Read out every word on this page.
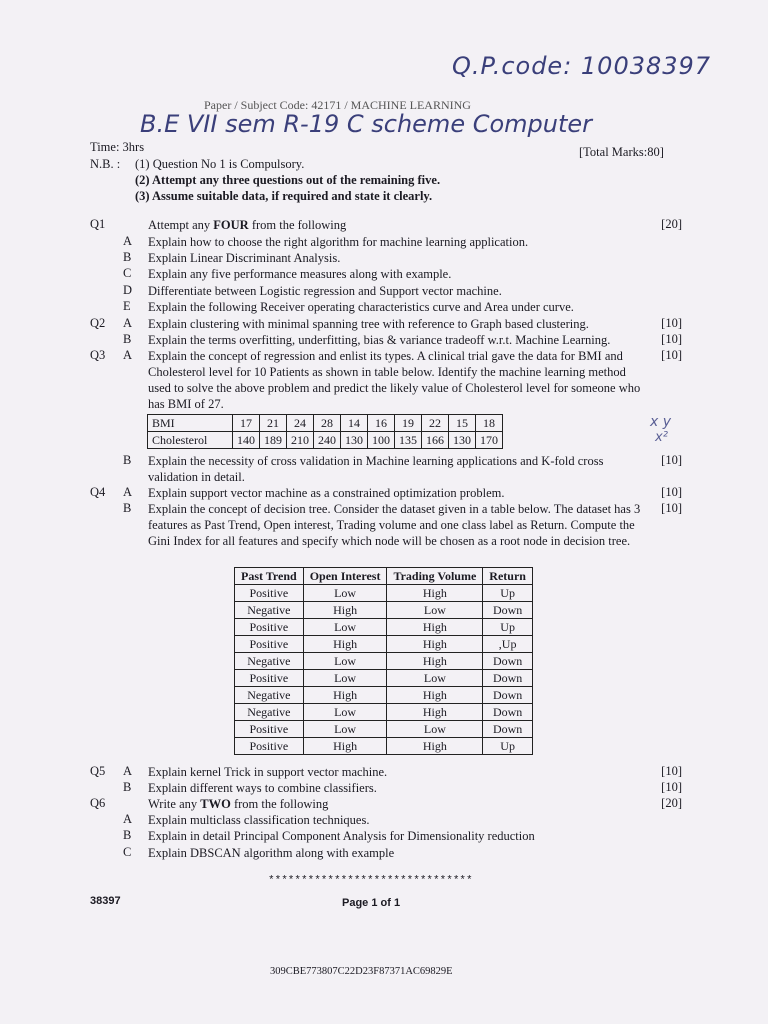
Q.P.code: 10038397
B.E VII sem R-19 C scheme Computer
Paper / Subject Code: 42171 / MACHINE LEARNING
Time: 3hrs	[Total Marks:80]
N.B. : (1) Question No 1 is Compulsory.
(2) Attempt any three questions out of the remaining five.
(3) Assume suitable data, if required and state it clearly.
Q1	Attempt any FOUR from the following	[20]
A Explain how to choose the right algorithm for machine learning application.
B Explain Linear Discriminant Analysis.
C Explain any five performance measures along with example.
D Differentiate between Logistic regression and Support vector machine.
E Explain the following Receiver operating characteristics curve and Area under curve.
Q2 A Explain clustering with minimal spanning tree with reference to Graph based clustering.	[10]
B Explain the terms overfitting, underfitting, bias & variance tradeoff w.r.t. Machine Learning.	[10]
Q3 A Explain the concept of regression and enlist its types. A clinical trial gave the data for BMI and Cholesterol level for 10 Patients as shown in table below. Identify the machine learning method used to solve the above problem and predict the likely value of Cholesterol level for someone who has BMI of 27.
[10]
BMI	17	21	24	28	14	16	19	22	15	18
Cholesterol	140	189	210	240	130	100	135	166	130	170
x y
x²
B Explain the necessity of cross validation in Machine learning applications and K-fold cross validation in detail.
[10]
Q4 A Explain support vector machine as a constrained optimization problem.	[10]
B Explain the concept of decision tree. Consider the dataset given in a table below. The dataset has 3 features as Past Trend, Open interest, Trading volume and one class label as Return. Compute the Gini Index for all features and specify which node will be chosen as a root node in decision tree.
[10]
Past Trend	Open Interest	Trading Volume	Return
Positive	Low	High	Up
Negative	High	Low	Down
Positive	Low	High	Up
Positive	High	High	,Up
Negative	Low	High	Down
Positive	Low	Low	Down
Negative	High	High	Down
Negative	Low	High	Down
Positive	Low	Low	Down
Positive	High	High	Up
Q5 A Explain kernel Trick in support vector machine.	[10]
B Explain different ways to combine classifiers.	[10]
Q6	Write any TWO from the following	[20]
A Explain multiclass classification techniques.
B Explain in detail Principal Component Analysis for Dimensionality reduction
C Explain DBSCAN algorithm along with example
*******************************
38397	Page 1 of 1
309CBE773807C22D23F87371AC69829E
